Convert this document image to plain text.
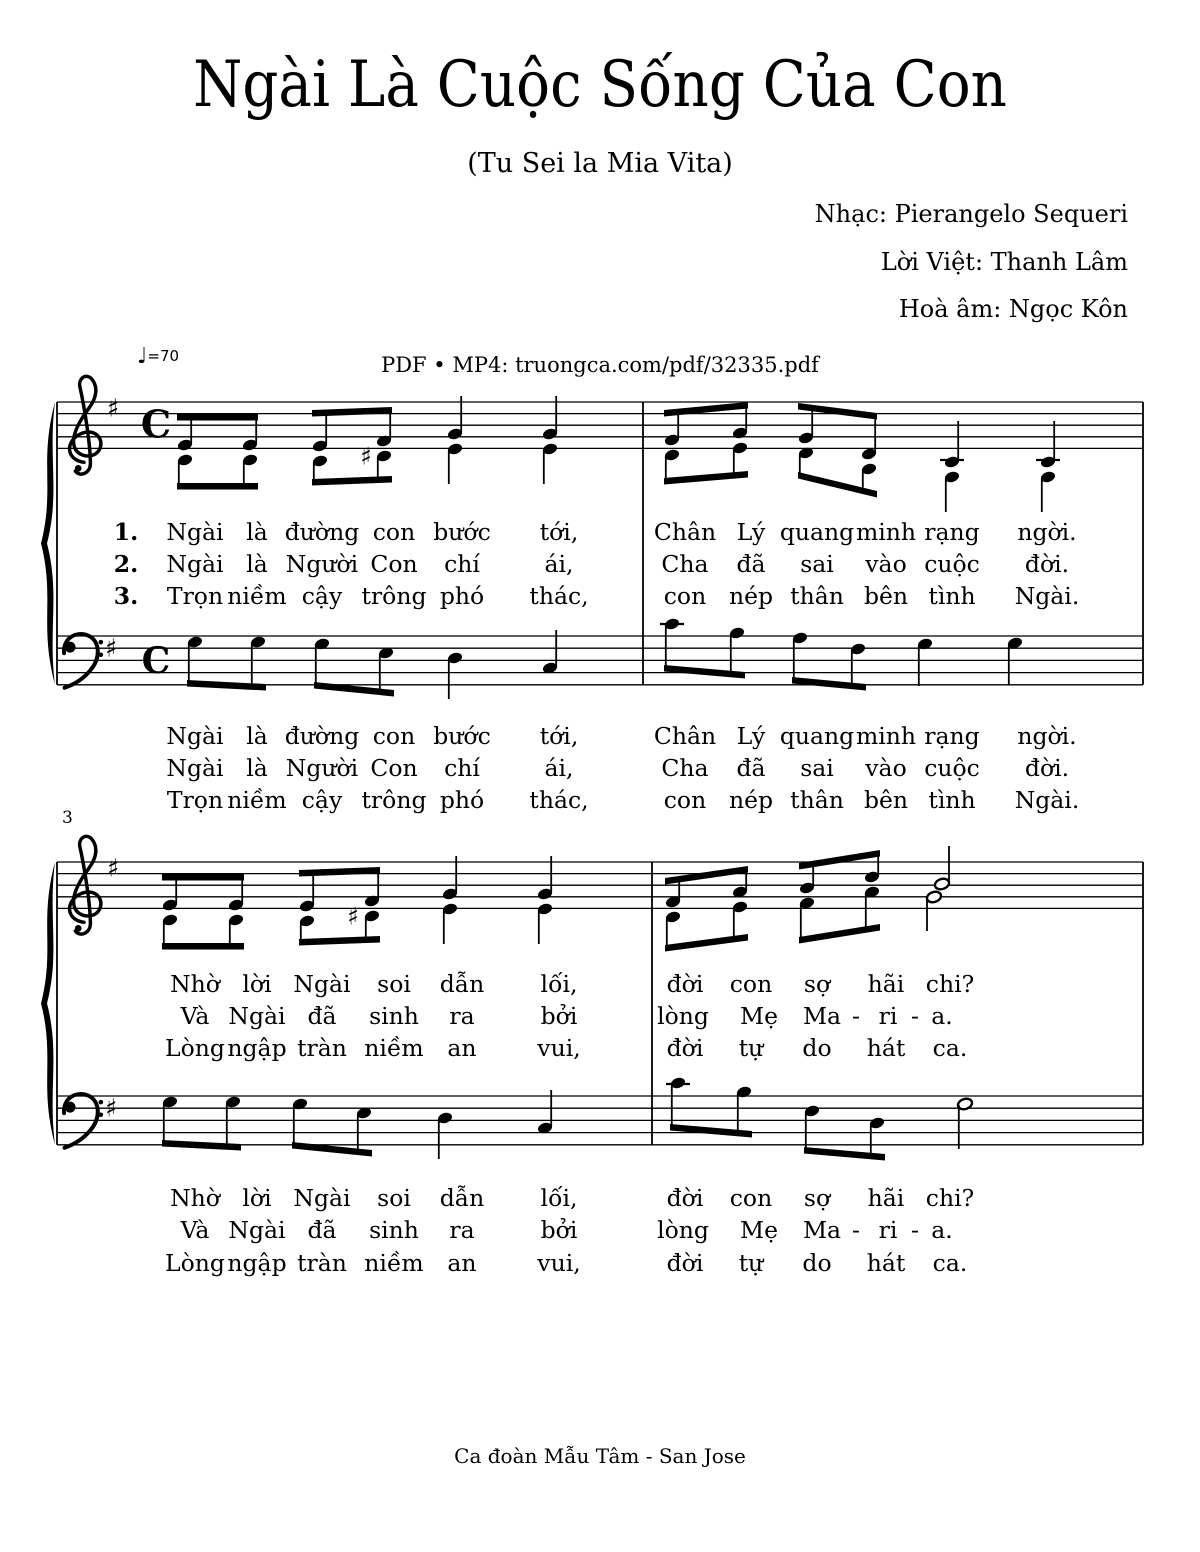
♯
♯
C
C
♯
♯
♯
♯
Ngài Là Cuộc Sống Của Con
(Tu Sei la Mia Vita)
Nhạc: Pierangelo Sequeri
Lời Việt: Thanh Lâm
Hoà âm: Ngọc Kôn
♩=70	PDF • MP4: truongca.com/pdf/32335.pdf
3
1. Ngài là đường con bước tới,	Chân Lý quang minh rạng ngời.
2. Ngài là Người Con chí	ái,	Cha đã sai vào cuộc đời.
3. Trọn niềm cậy trông phó thác,	con nép thân bên tình Ngài.
Ngài là đường con bước tới,	Chân Lý quang minh rạng ngời.
Ngài là Người Con chí	ái,	Cha đã sai vào cuộc đời.
Trọn niềm cậy trông phó thác,	con nép thân bên tình Ngài.
Nhờ lời Ngài soi dẫn lối,	đời con sợ hãi chi?
Và Ngài đã sinh ra	bởi	lòng Mẹ Ma - ri - a.
Lòng ngập tràn niềm an	vui,	đời tự do hát ca.
Nhờ lời Ngài soi dẫn lối,	đời con sợ hãi chi?
Và Ngài đã sinh ra	bởi	lòng Mẹ Ma - ri - a.
Lòng ngập tràn niềm an	vui,	đời tự do hát ca.
Ca đoàn Mẫu Tâm - San Jose
